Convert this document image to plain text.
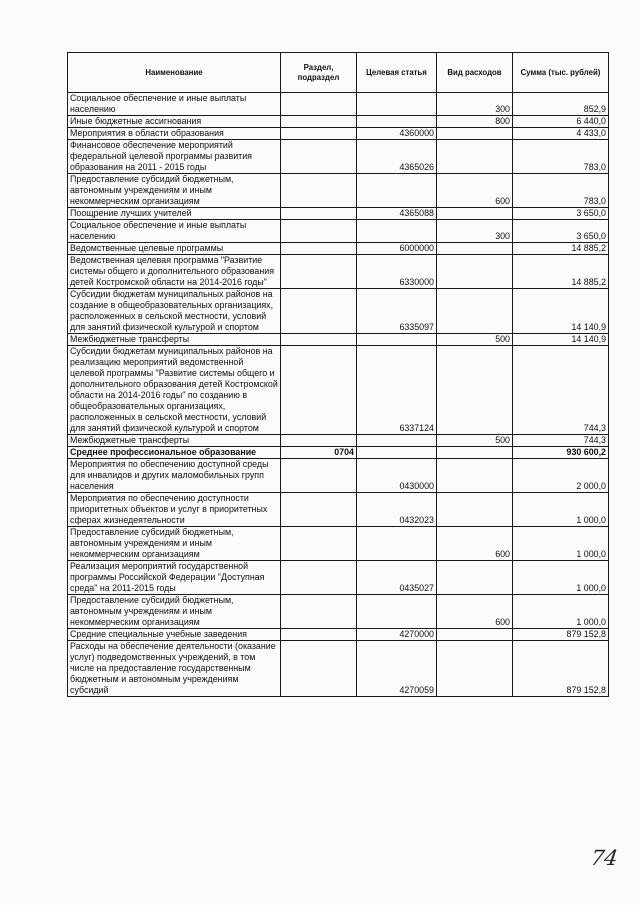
Наименование	Раздел, подраздел	Целевая статья	Вид расходов	Сумма (тыс. рублей)
Социальное обеспечение и иные выплаты населению			300	852,9
Иные бюджетные ассигнования			800	6 440,0
Мероприятия в области образования		4360000		4 433,0
Финансовое обеспечение мероприятий федеральной целевой программы развития образования на 2011 - 2015 годы		4365026		783,0
Предоставление субсидий бюджетным, автономным учреждениям и иным некоммерческим организациям			600	783,0
Поощрение лучших учителей		4365088		3 650,0
Социальное обеспечение и иные выплаты населению			300	3 650,0
Ведомственные целевые программы		6000000		14 885,2
Ведомственная целевая программа "Развитие системы общего и дополнительного образования детей Костромской области на 2014-2016 годы"		6330000		14 885,2
Субсидии бюджетам муниципальных районов на создание в общеобразовательных организациях, расположенных в сельской местности, условий для занятий физической культурой и спортом		6335097		14 140,9
Межбюджетные трансферты			500	14 140,9
Субсидии бюджетам муниципальных районов на реализацию мероприятий ведомственной целевой программы "Развитие системы общего и дополнительного образования детей Костромской области на 2014-2016 годы" по созданию в общеобразовательных организациях, расположенных в сельской местности, условий для занятий физической культурой и спортом		6337124		744,3
Межбюджетные трансферты			500	744,3
Среднее профессиональное образование	0704			930 600,2
Мероприятия по обеспечению доступной среды для инвалидов и других маломобильных групп населения		0430000		2 000,0
Мероприятия по обеспечению доступности приоритетных объектов и услуг в приоритетных сферах жизнедеятельности		0432023		1 000,0
Предоставление субсидий бюджетным, автономным учреждениям и иным некоммерческим организациям			600	1 000,0
Реализация мероприятий государственной программы Российской Федерации "Доступная среда" на 2011-2015 годы		0435027		1 000,0
Предоставление субсидий бюджетным, автономным учреждениям и иным некоммерческим организациям			600	1 000,0
Средние специальные учебные заведения		4270000		879 152,8
Расходы на обеспечение деятельности (оказание услуг) подведомственных учреждений, в том числе на предоставление государственным бюджетным и автономным учреждениям субсидий		4270059		879 152,8
74
